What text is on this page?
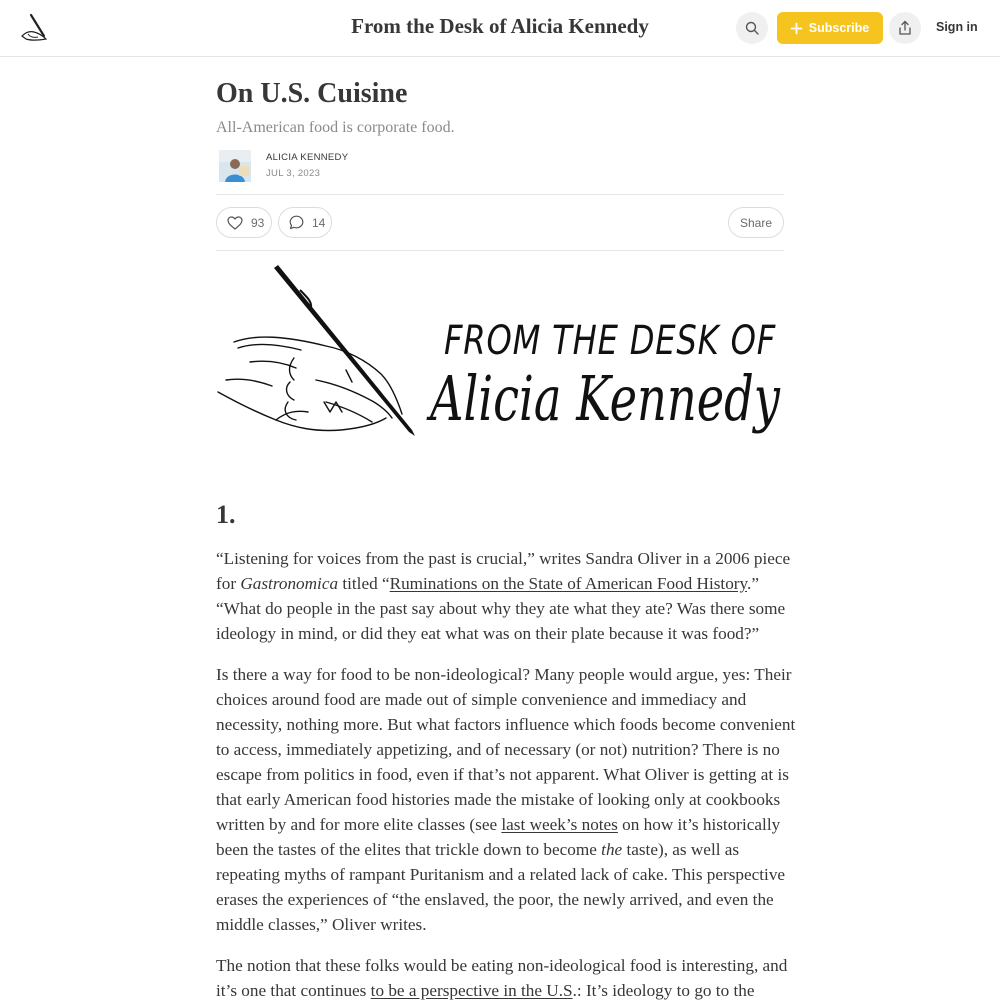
From the Desk of Alicia Kennedy	Subscribe	Sign in
On U.S. Cuisine
All-American food is corporate food.
ALICIA KENNEDY
JUL 3, 2023
93	14	Share
FROM THE DESK OF
Alicia Kennedy
1.

“Listening for voices from the past is crucial,” writes Sandra Oliver in a 2006 piece for Gastronomica titled “Ruminations on the State of American Food History.” “What do people in the past say about why they ate what they ate? Was there some ideology in mind, or did they eat what was on their plate because it was food?”

Is there a way for food to be non-ideological? Many people would argue, yes: Their choices around food are made out of simple convenience and immediacy and necessity, nothing more. But what factors influence which foods become convenient to access, immediately appetizing, and of necessary (or not) nutrition? There is no escape from politics in food, even if that’s not apparent. What Oliver is getting at is that early American food histories made the mistake of looking only at cookbooks written by and for more elite classes (see last week’s notes on how it’s historically been the tastes of the elites that trickle down to become the taste), as well as repeating myths of rampant Puritanism and a related lack of cake. This perspective erases the experiences of “the enslaved, the poor, the newly arrived, and even the middle classes,” Oliver writes.

The notion that these folks would be eating non-ideological food is interesting, and it’s one that continues to be a perspective in the U.S.: It’s ideology to go to the
